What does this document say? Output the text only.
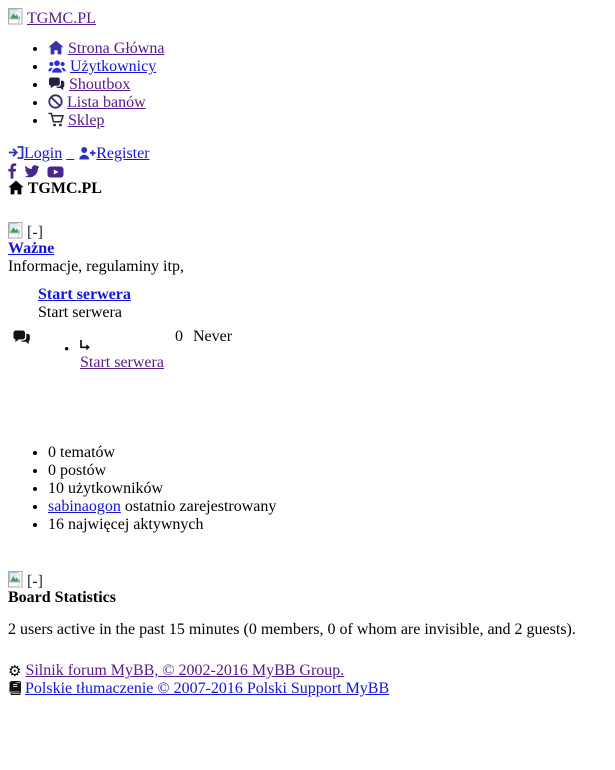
TGMC.PL
• Strona Główna
• Użytkownicy
• Shoutbox
• Lista banów
• Sklep
Login _ Register

TGMC.PL
[-]
Ważne
Informacje, regulaminy itp,
Start serwera
Start serwera
0 Never
•
Start serwera
• 0 tematów
• 0 postów
• 10 użytkowników
• sabinaogon ostatnio zarejestrowany
• 16 najwięcej aktywnych
[-]
Board Statistics
2 users active in the past 15 minutes (0 members, 0 of whom are invisible, and 2 guests).
⚙ Silnik forum MyBB, © 2002-2016 MyBB Group.
Polskie tłumaczenie © 2007-2016 Polski Support MyBB
